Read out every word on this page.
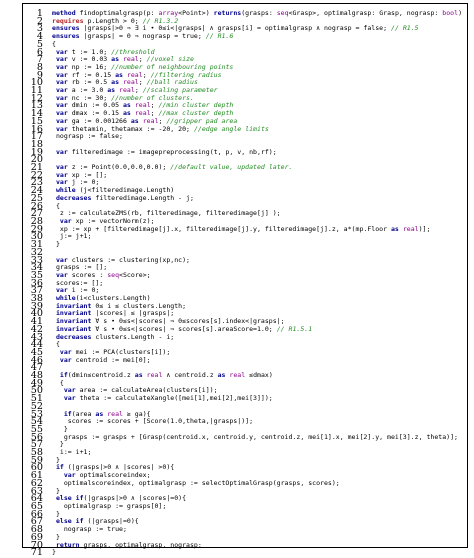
1
2
3
4
5
6
7
8
9
10
11
12
13
14
15
16
17
18
19
20
21
22
23
24
25
26
27
28
29
30
31
32
33
34
35
36
37
38
39
40
41
42
43
44
45
46
47
48
49
50
51
52
53
54
55
56
57
58
59
60
61
62
63
64
65
66
67
68
69
70
71
method findoptimalgrasp(p: array<Point>) returns(grasps: seq<Grasp>, optimalgrasp: Grasp, nograsp: bool)
requires p.Length > 0; // R1.3.2
ensures |grasps|>0 ⇒ ∃ i • 0≤i<|grasps| ∧ grasps[i] = optimalgrasp ∧ nograsp = false; // R1.5
ensures |grasps| = 0 ⇒ nograsp = true; // R1.6
{
var t := 1.0; //threshold
var v := 0.03 as real; //voxel size
var np := 16; //number of neighbouring points
var rf := 0.15 as real; //filtering radius
var rb := 0.5 as real; //ball radius
var a := 3.0 as real; //scaling parameter
var nc := 30; //number of clusters.
var dmin := 0.05 as real; //min cluster depth
var dmax := 0.15 as real; //max cluster depth
var ga := 0.001266 as real; //gripper pad area
var thetamin, thetamax := -20, 20; //edge angle limits
nograsp := false;
var filteredimage := imagepreprocessing(t, p, v, nb,rf);
var z := Point(0.0,0.0,0.0); //default value, updated later.
var xp := [];
var j := 0;
while (j<filteredimage.Length)
decreases filteredimage.Length - j;
{
z := calculateZMS(rb, filteredimage, filteredimage[j] );
var xp := vectorNorm(z);
xp := xp + [filteredimage[j].x, filteredimage[j].y, filteredimage[j].z, a*(mp.Floor as real)];
j:= j+1;
}
var clusters := clustering(xp,nc);
grasps := [];
var scores : seq<Score>;
scores:= [];
var i := 0;
while(i<clusters.Length)
invariant 0≤ i ≤ clusters.Length;
invariant |scores| ≤ |grasps|;
invariant ∀ s • 0≤s<|scores| ⇒ 0≤scores[s].index<|grasps|;
invariant ∀ s • 0≤s<|scores| ⇒ scores[s].areaScore=1.0; // R1.5.1
decreases clusters.Length - i;
{
var mei := PCA(clusters[i]);
var centroid := mei[0];
if(dmin≤centroid.z as real ∧ centroid.z as real ≤dmax)
{
var area := calculateArea(clusters[i]);
var theta := calculateXangle([mei[1],mei[2],mei[3]]);
if(area as real ≥ ga){
scores := scores + [Score(1.0,theta,|grasps|)];
}
grasps := grasps + [Grasp(centroid.x, centroid.y, centroid.z, mei[1].x, mei[2].y, mei[3].z, theta)];
}
i:= i+1;
}
if (|grasps|>0 ∧ |scores| >0){
var optimalscoreindex;
optimalscoreindex, optimalgrasp := selectOptimalGrasp(grasps, scores);
}
else if(|grasps|>0 ∧ |scores|=0){
optimalgrasp := grasps[0];
}
else if (|grasps|=0){
nograsp := true;
}
return grasps, optimalgrasp, nograsp;
}
